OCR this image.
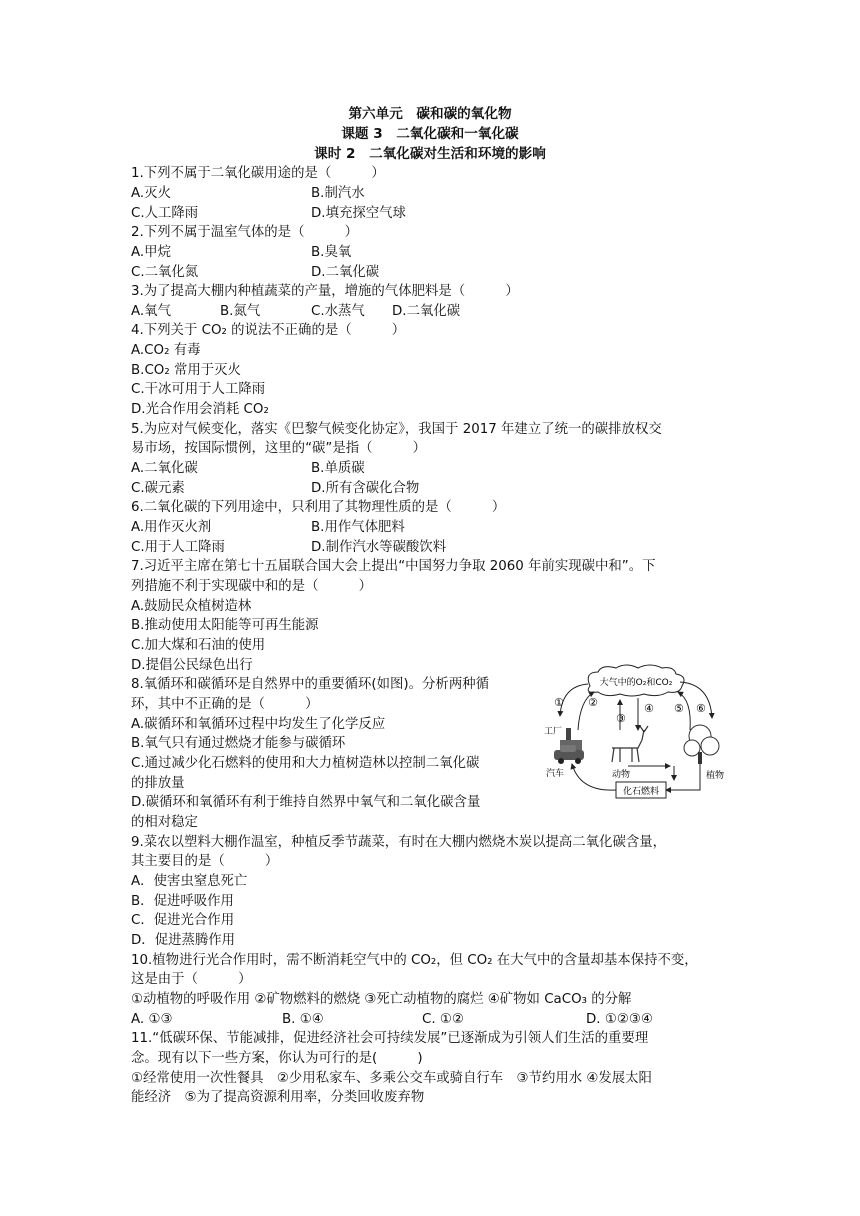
第六单元　碳和碳的氧化物
课题 3　二氧化碳和一氧化碳
课时 2　二氧化碳对生活和环境的影响
1.下列不属于二氧化碳用途的是（　　　）
A.灭火	B.制汽水
C.人工降雨	D.填充探空气球
2.下列不属于温室气体的是（　　　）
A.甲烷	B.臭氧
C.二氧化氮	D.二氧化碳
3.为了提高大棚内种植蔬菜的产量，增施的气体肥料是（　　　）
A.氧气	B.氮气	C.水蒸气 D.二氧化碳
4.下列关于 CO₂ 的说法不正确的是（　　　）
A.CO₂ 有毒
B.CO₂ 常用于灭火
C.干冰可用于人工降雨
D.光合作用会消耗 CO₂
5.为应对气候变化，落实《巴黎气候变化协定》，我国于 2017 年建立了统一的碳排放权交
易市场，按国际惯例，这里的“碳”是指（　　　）
A.二氧化碳	B.单质碳
C.碳元素	D.所有含碳化合物
6.二氧化碳的下列用途中，只利用了其物理性质的是（　　　）
A.用作灭火剂	B.用作气体肥料
C.用于人工降雨	D.制作汽水等碳酸饮料
7.习近平主席在第七十五届联合国大会上提出“中国努力争取 2060 年前实现碳中和”。下
列措施不利于实现碳中和的是（　　　）
A.鼓励民众植树造林
B.推动使用太阳能等可再生能源
C.加大煤和石油的使用
D.提倡公民绿色出行
8.氧循环和碳循环是自然界中的重要循环(如图)。分析两种循
环，其中不正确的是（　　　）
A.碳循环和氧循环过程中均发生了化学反应
B.氧气只有通过燃烧才能参与碳循环
C.通过减少化石燃料的使用和大力植树造林以控制二氧化碳
的排放量
D.碳循环和氧循环有利于维持自然界中氧气和二氧化碳含量
的相对稳定
9.菜农以塑料大棚作温室，种植反季节蔬菜，有时在大棚内燃烧木炭以提高二氧化碳含量，
其主要目的是（　　　）
A．使害虫窒息死亡
B．促进呼吸作用
C．促进光合作用
D．促进蒸腾作用
10.植物进行光合作用时，需不断消耗空气中的 CO₂，但 CO₂ 在大气中的含量却基本保持不变，
这是由于（　　　）
①动植物的呼吸作用 ②矿物燃料的燃烧 ③死亡动植物的腐烂 ④矿物如 CaCO₃ 的分解
A. ①③	B. ①④	C. ①②	D. ①②③④
11.“低碳环保、节能减排，促进经济社会可持续发展”已逐渐成为引领人们生活的重要理
念。现有以下一些方案，你认为可行的是(　　　)
①经常使用一次性餐具　②少用私家车、多乘公交车或骑自行车　③节约用水 ④发展太阳
能经济　⑤为了提高资源利用率，分类回收废弃物
大气中的O₂和CO₂
① ②
③
④ ⑤ ⑥
工厂
汽车	动物	植物
化石燃料
